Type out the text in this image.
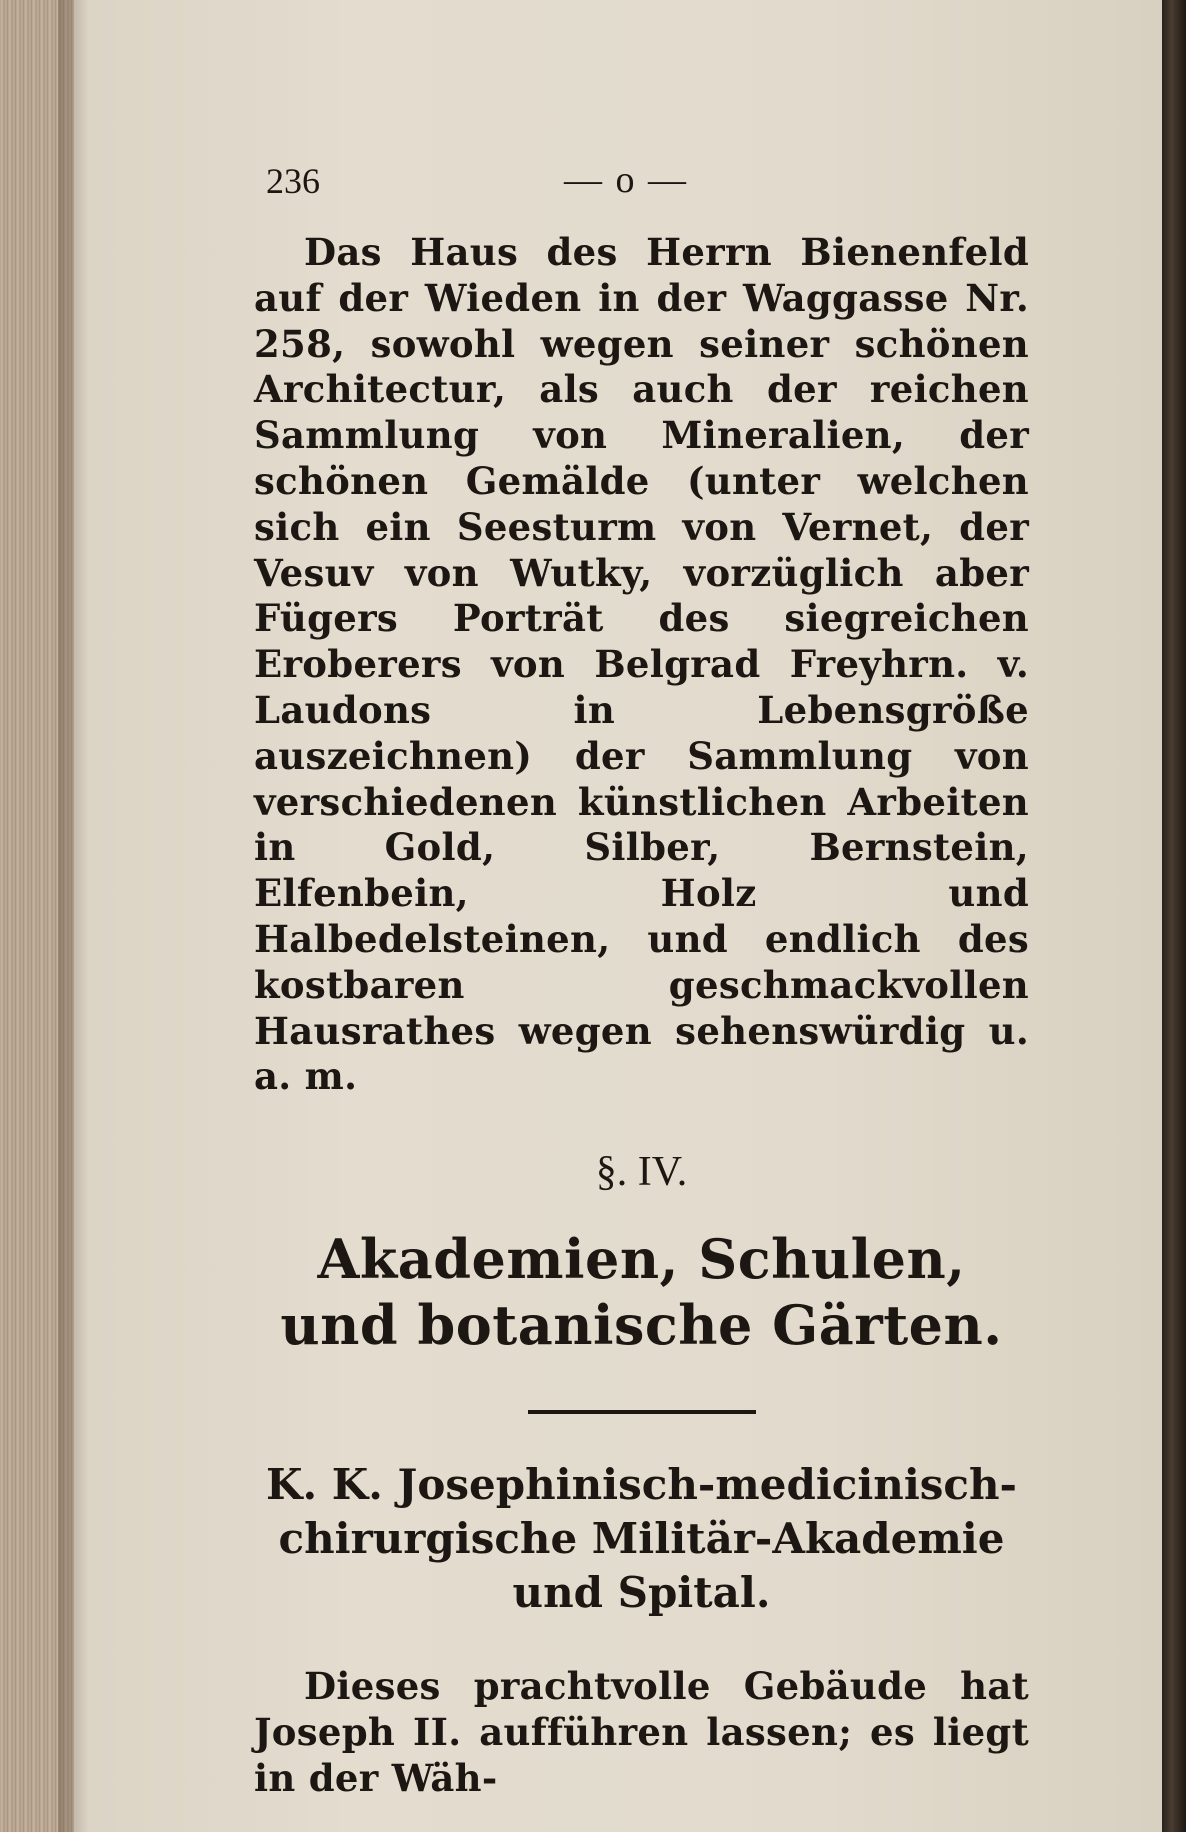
236	— o —
Das Haus des Herrn Bienenfeld auf der Wieden in der Waggasse Nr. 258, sowohl wegen seiner schönen Architectur, als auch der reichen Sammlung von Mineralien, der schönen Gemälde (unter welchen sich ein Seesturm von Vernet, der Vesuv von Wutky, vorzüglich aber Fügers Porträt des siegreichen Eroberers von Belgrad Freyhrn. v. Laudons in Lebensgröße auszeichnen) der Sammlung von verschiedenen künstlichen Arbeiten in Gold, Silber, Bernstein, Elfenbein, Holz und Halbedelsteinen, und endlich des kostbaren geschmackvollen Hausrathes wegen sehenswürdig u. a. m.
§. IV.
Akademien, Schulen, und botanische Gärten.
K. K. Josephinisch-medicinisch-chirurgische Militär-Akademie und Spital.
Dieses prachtvolle Gebäude hat Joseph II. aufführen lassen; es liegt in der Wäh-
